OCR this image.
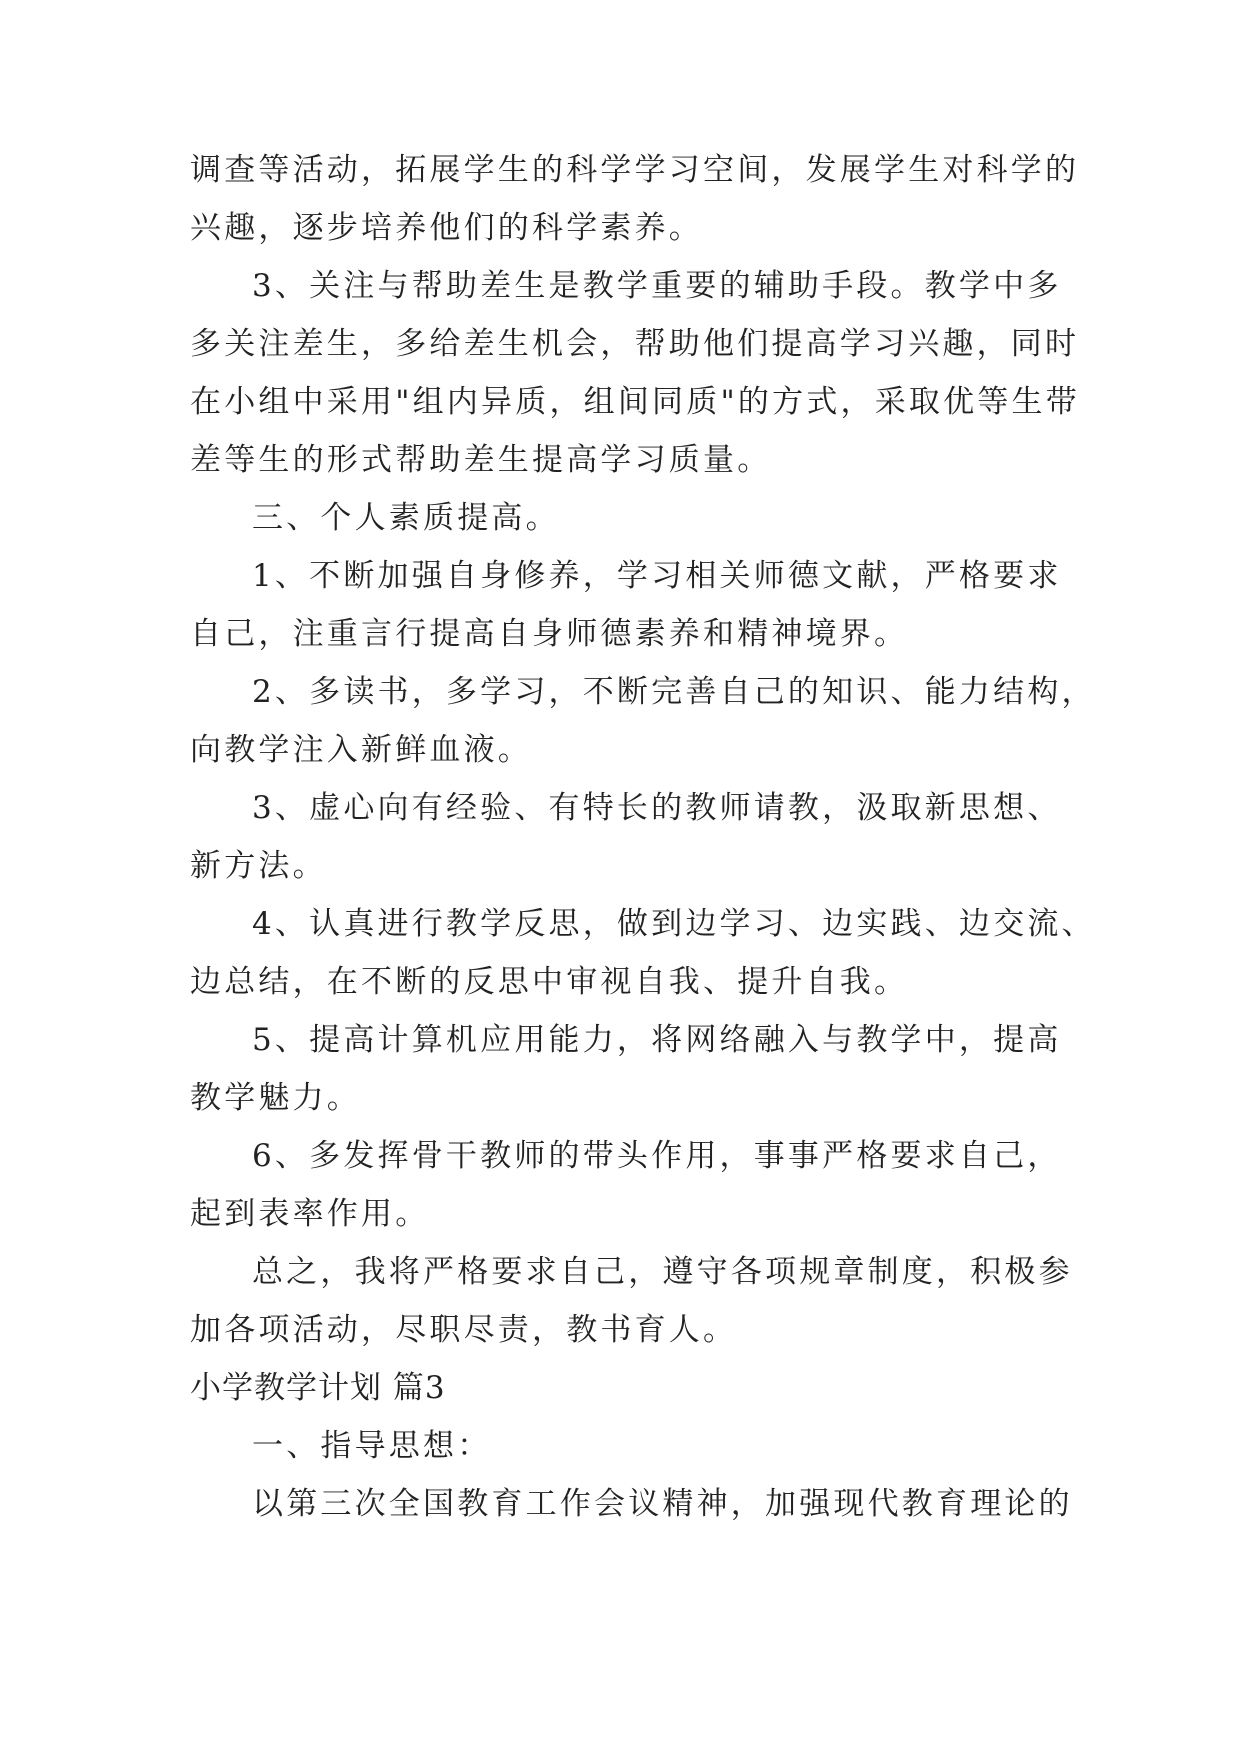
调查等活动，拓展学生的科学学习空间，发展学生对科学的
兴趣，逐步培养他们的科学素养。
3、关注与帮助差生是教学重要的辅助手段。教学中多
多关注差生，多给差生机会，帮助他们提高学习兴趣，同时
在小组中采用"组内异质，组间同质"的方式，采取优等生带
差等生的形式帮助差生提高学习质量。
三、个人素质提高。
1、不断加强自身修养，学习相关师德文献，严格要求
自己，注重言行提高自身师德素养和精神境界。
2、多读书，多学习，不断完善自己的知识、能力结构，
向教学注入新鲜血液。
3、虚心向有经验、有特长的教师请教，汲取新思想、
新方法。
4、认真进行教学反思，做到边学习、边实践、边交流、
边总结，在不断的反思中审视自我、提升自我。
5、提高计算机应用能力，将网络融入与教学中，提高
教学魅力。
6、多发挥骨干教师的带头作用，事事严格要求自己，
起到表率作用。
总之，我将严格要求自己，遵守各项规章制度，积极参
加各项活动，尽职尽责，教书育人。
小学教学计划 篇3
一、指导思想：
以第三次全国教育工作会议精神，加强现代教育理论的
